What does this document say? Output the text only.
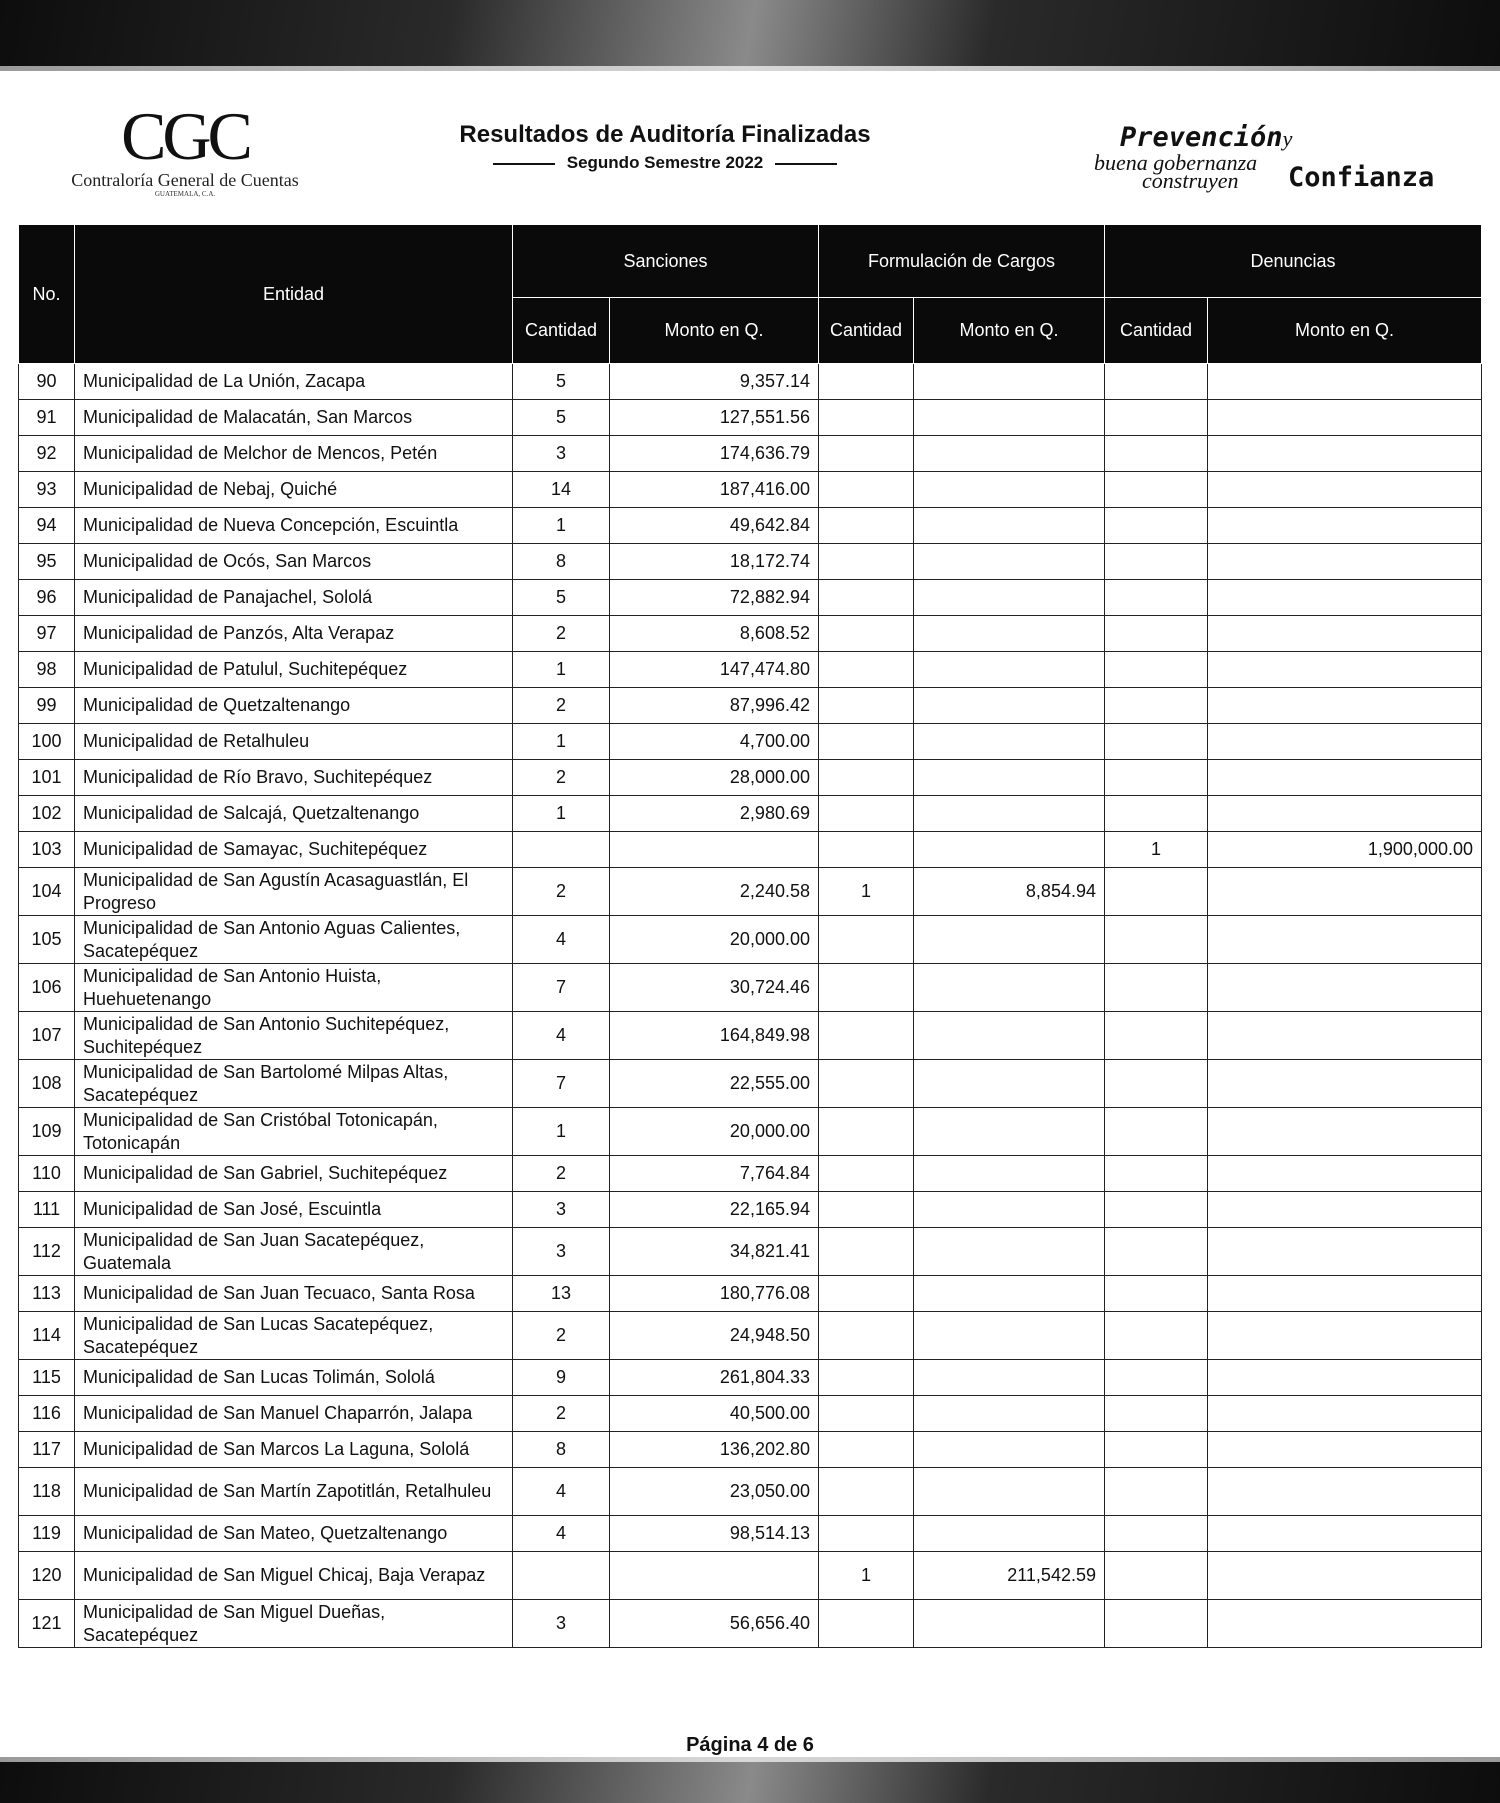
CGC
Contraloría General de Cuentas
GUATEMALA, C.A.
Resultados de Auditoría Finalizadas
Segundo Semestre 2022
Prevencióny
buena gobernanza
construyen Confianza
No.	Entidad	Sanciones		Formulación de Cargos		Denuncias	
		Cantidad	Monto en Q.	Cantidad	Monto en Q.	Cantidad	Monto en Q.
90	Municipalidad de La Unión, Zacapa	5	9,357.14				
91	Municipalidad de Malacatán, San Marcos	5	127,551.56				
92	Municipalidad de Melchor de Mencos, Petén	3	174,636.79				
93	Municipalidad de Nebaj, Quiché	14	187,416.00				
94	Municipalidad de Nueva Concepción, Escuintla	1	49,642.84				
95	Municipalidad de Ocós, San Marcos	8	18,172.74				
96	Municipalidad de Panajachel, Sololá	5	72,882.94				
97	Municipalidad de Panzós, Alta Verapaz	2	8,608.52				
98	Municipalidad de Patulul, Suchitepéquez	1	147,474.80				
99	Municipalidad de Quetzaltenango	2	87,996.42				
100	Municipalidad de Retalhuleu	1	4,700.00				
101	Municipalidad de Río Bravo, Suchitepéquez	2	28,000.00				
102	Municipalidad de Salcajá, Quetzaltenango	1	2,980.69				
103	Municipalidad de Samayac, Suchitepéquez					1	1,900,000.00
104	Municipalidad de San Agustín Acasaguastlán, El Progreso	2	2,240.58	1	8,854.94		
105	Municipalidad de San Antonio Aguas Calientes, Sacatepéquez	4	20,000.00				
106	Municipalidad de San Antonio Huista, Huehuetenango	7	30,724.46				
107	Municipalidad de San Antonio Suchitepéquez, Suchitepéquez	4	164,849.98				
108	Municipalidad de San Bartolomé Milpas Altas, Sacatepéquez	7	22,555.00				
109	Municipalidad de San Cristóbal Totonicapán, Totonicapán	1	20,000.00				
110	Municipalidad de San Gabriel, Suchitepéquez	2	7,764.84				
111	Municipalidad de San José, Escuintla	3	22,165.94				
112	Municipalidad de San Juan Sacatepéquez, Guatemala	3	34,821.41				
113	Municipalidad de San Juan Tecuaco, Santa Rosa	13	180,776.08				
114	Municipalidad de San Lucas Sacatepéquez, Sacatepéquez	2	24,948.50				
115	Municipalidad de San Lucas Tolimán, Sololá	9	261,804.33				
116	Municipalidad de San Manuel Chaparrón, Jalapa	2	40,500.00				
117	Municipalidad de San Marcos La Laguna, Sololá	8	136,202.80				
118	Municipalidad de San Martín Zapotitlán, Retalhuleu	4	23,050.00				
119	Municipalidad de San Mateo, Quetzaltenango	4	98,514.13				
120	Municipalidad de San Miguel Chicaj, Baja Verapaz			1	211,542.59		
121	Municipalidad de San Miguel Dueñas, Sacatepéquez	3	56,656.40				
Página 4 de 6
